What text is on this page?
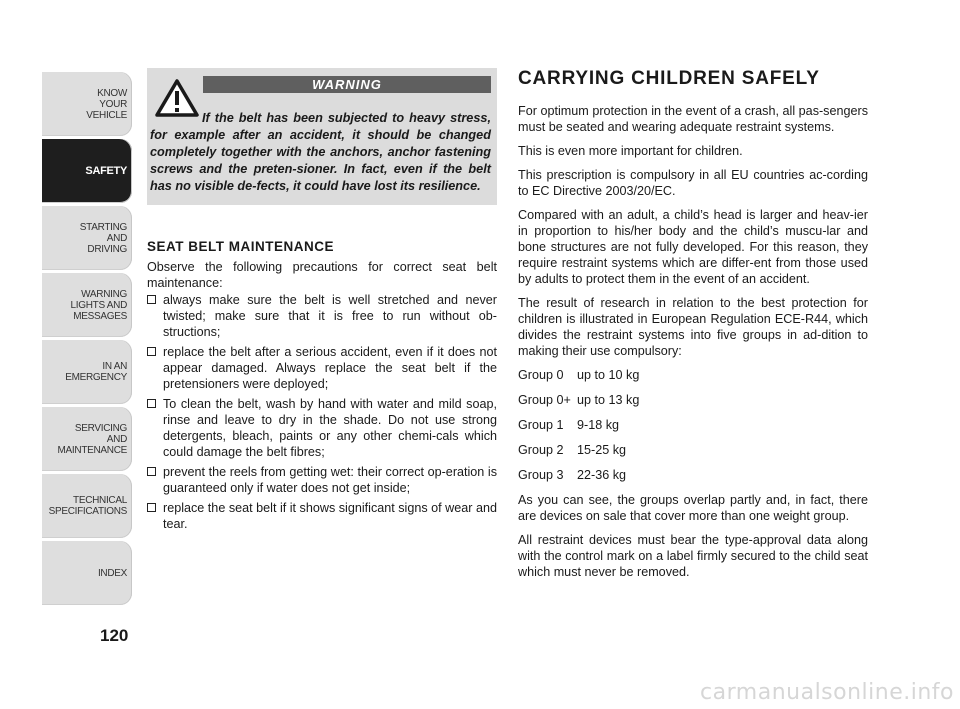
KNOW
YOUR
VEHICLE
SAFETY
STARTING
AND
DRIVING
WARNING
LIGHTS AND
MESSAGES
IN AN
EMERGENCY
SERVICING
AND
MAINTENANCE
TECHNICAL
SPECIFICATIONS
INDEX
120
WARNING

If the belt has been subjected to heavy stress, for example after an accident, it should be changed completely together with the anchors, anchor fastening screws and the preten-sioner. In fact, even if the belt has no visible de-fects, it could have lost its resilience.

SEAT BELT MAINTENANCE

Observe the following precautions for correct seat belt maintenance:

always make sure the belt is well stretched and never twisted; make sure that it is free to run without ob-structions;
replace the belt after a serious accident, even if it does not appear damaged. Always replace the seat belt if the pretensioners were deployed;
To clean the belt, wash by hand with water and mild soap, rinse and leave to dry in the shade. Do not use strong detergents, bleach, paints or any other chemi-cals which could damage the belt fibres;
prevent the reels from getting wet: their correct op-eration is guaranteed only if water does not get inside;
replace the seat belt if it shows significant signs of wear and tear.
CARRYING CHILDREN SAFELY

For optimum protection in the event of a crash, all pas-sengers must be seated and wearing adequate restraint systems.

This is even more important for children.

This prescription is compulsory in all EU countries ac-cording to EC Directive 2003/20/EC.

Compared with an adult, a child’s head is larger and heav-ier in proportion to his/her body and the child’s muscu-lar and bone structures are not fully developed. For this reason, they require restraint systems which are differ-ent from those used by adults to protect them in the event of an accident.

The result of research in relation to the best protection for children is illustrated in European Regulation ECE-R44, which divides the restraint systems into five groups in ad-dition to making their use compulsory:

Group 0	up to 10 kg
Group 0+ up to 13 kg
Group 1	9-18 kg
Group 2	15-25 kg
Group 3	22-36 kg

As you can see, the groups overlap partly and, in fact, there are devices on sale that cover more than one weight group.

All restraint devices must bear the type-approval data along with the control mark on a label firmly secured to the child seat which must never be removed.

carmanualsonline.info
